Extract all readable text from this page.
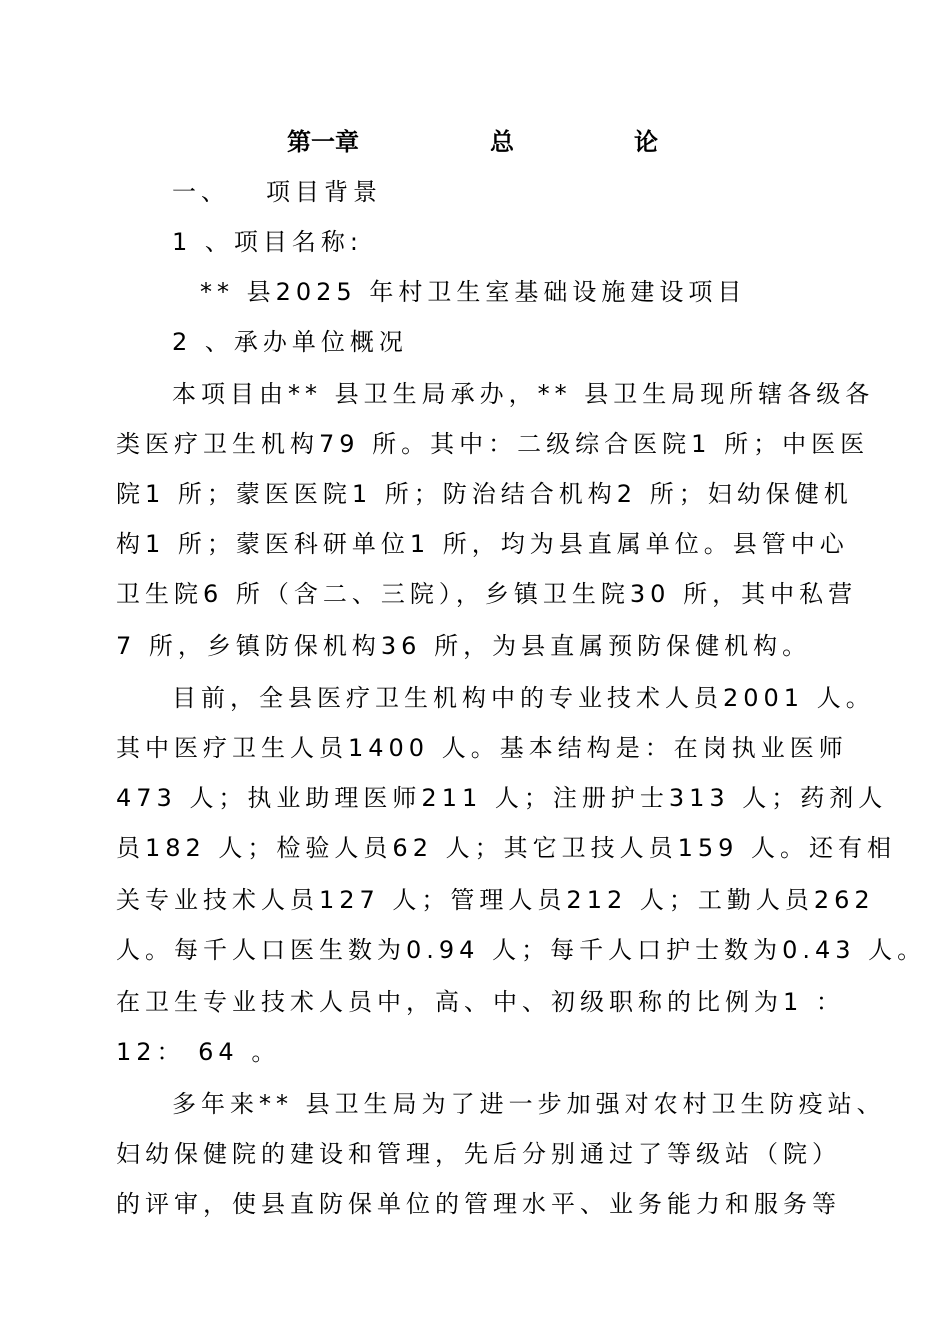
第一章	总	论
一、 项目背景
1 、项目名称:
** 县2025 年村卫生室基础设施建设项目
2 、承办单位概况
本项目由** 县卫生局承办，** 县卫生局现所辖各级各
类医疗卫生机构79 所。其中：二级综合医院1 所；中医医
院1 所；蒙医医院1 所；防治结合机构2 所；妇幼保健机
构1 所；蒙医科研单位1 所，均为县直属单位。县管中心
卫生院6 所（含二、三院），乡镇卫生院30 所，其中私营
7 所，乡镇防保机构36 所，为县直属预防保健机构。
目前，全县医疗卫生机构中的专业技术人员2001 人。
其中医疗卫生人员1400 人。基本结构是：在岗执业医师
473 人；执业助理医师211 人；注册护士313 人；药剂人
员182 人；检验人员62 人；其它卫技人员159 人。还有相
关专业技术人员127 人；管理人员212 人；工勤人员262
人。每千人口医生数为0.94 人；每千人口护士数为0.43 人。
在卫生专业技术人员中，高、中、初级职称的比例为1 ：
12： 64 。
多年来** 县卫生局为了进一步加强对农村卫生防疫站、
妇幼保健院的建设和管理，先后分别通过了等级站（院）
的评审，使县直防保单位的管理水平、业务能力和服务等
